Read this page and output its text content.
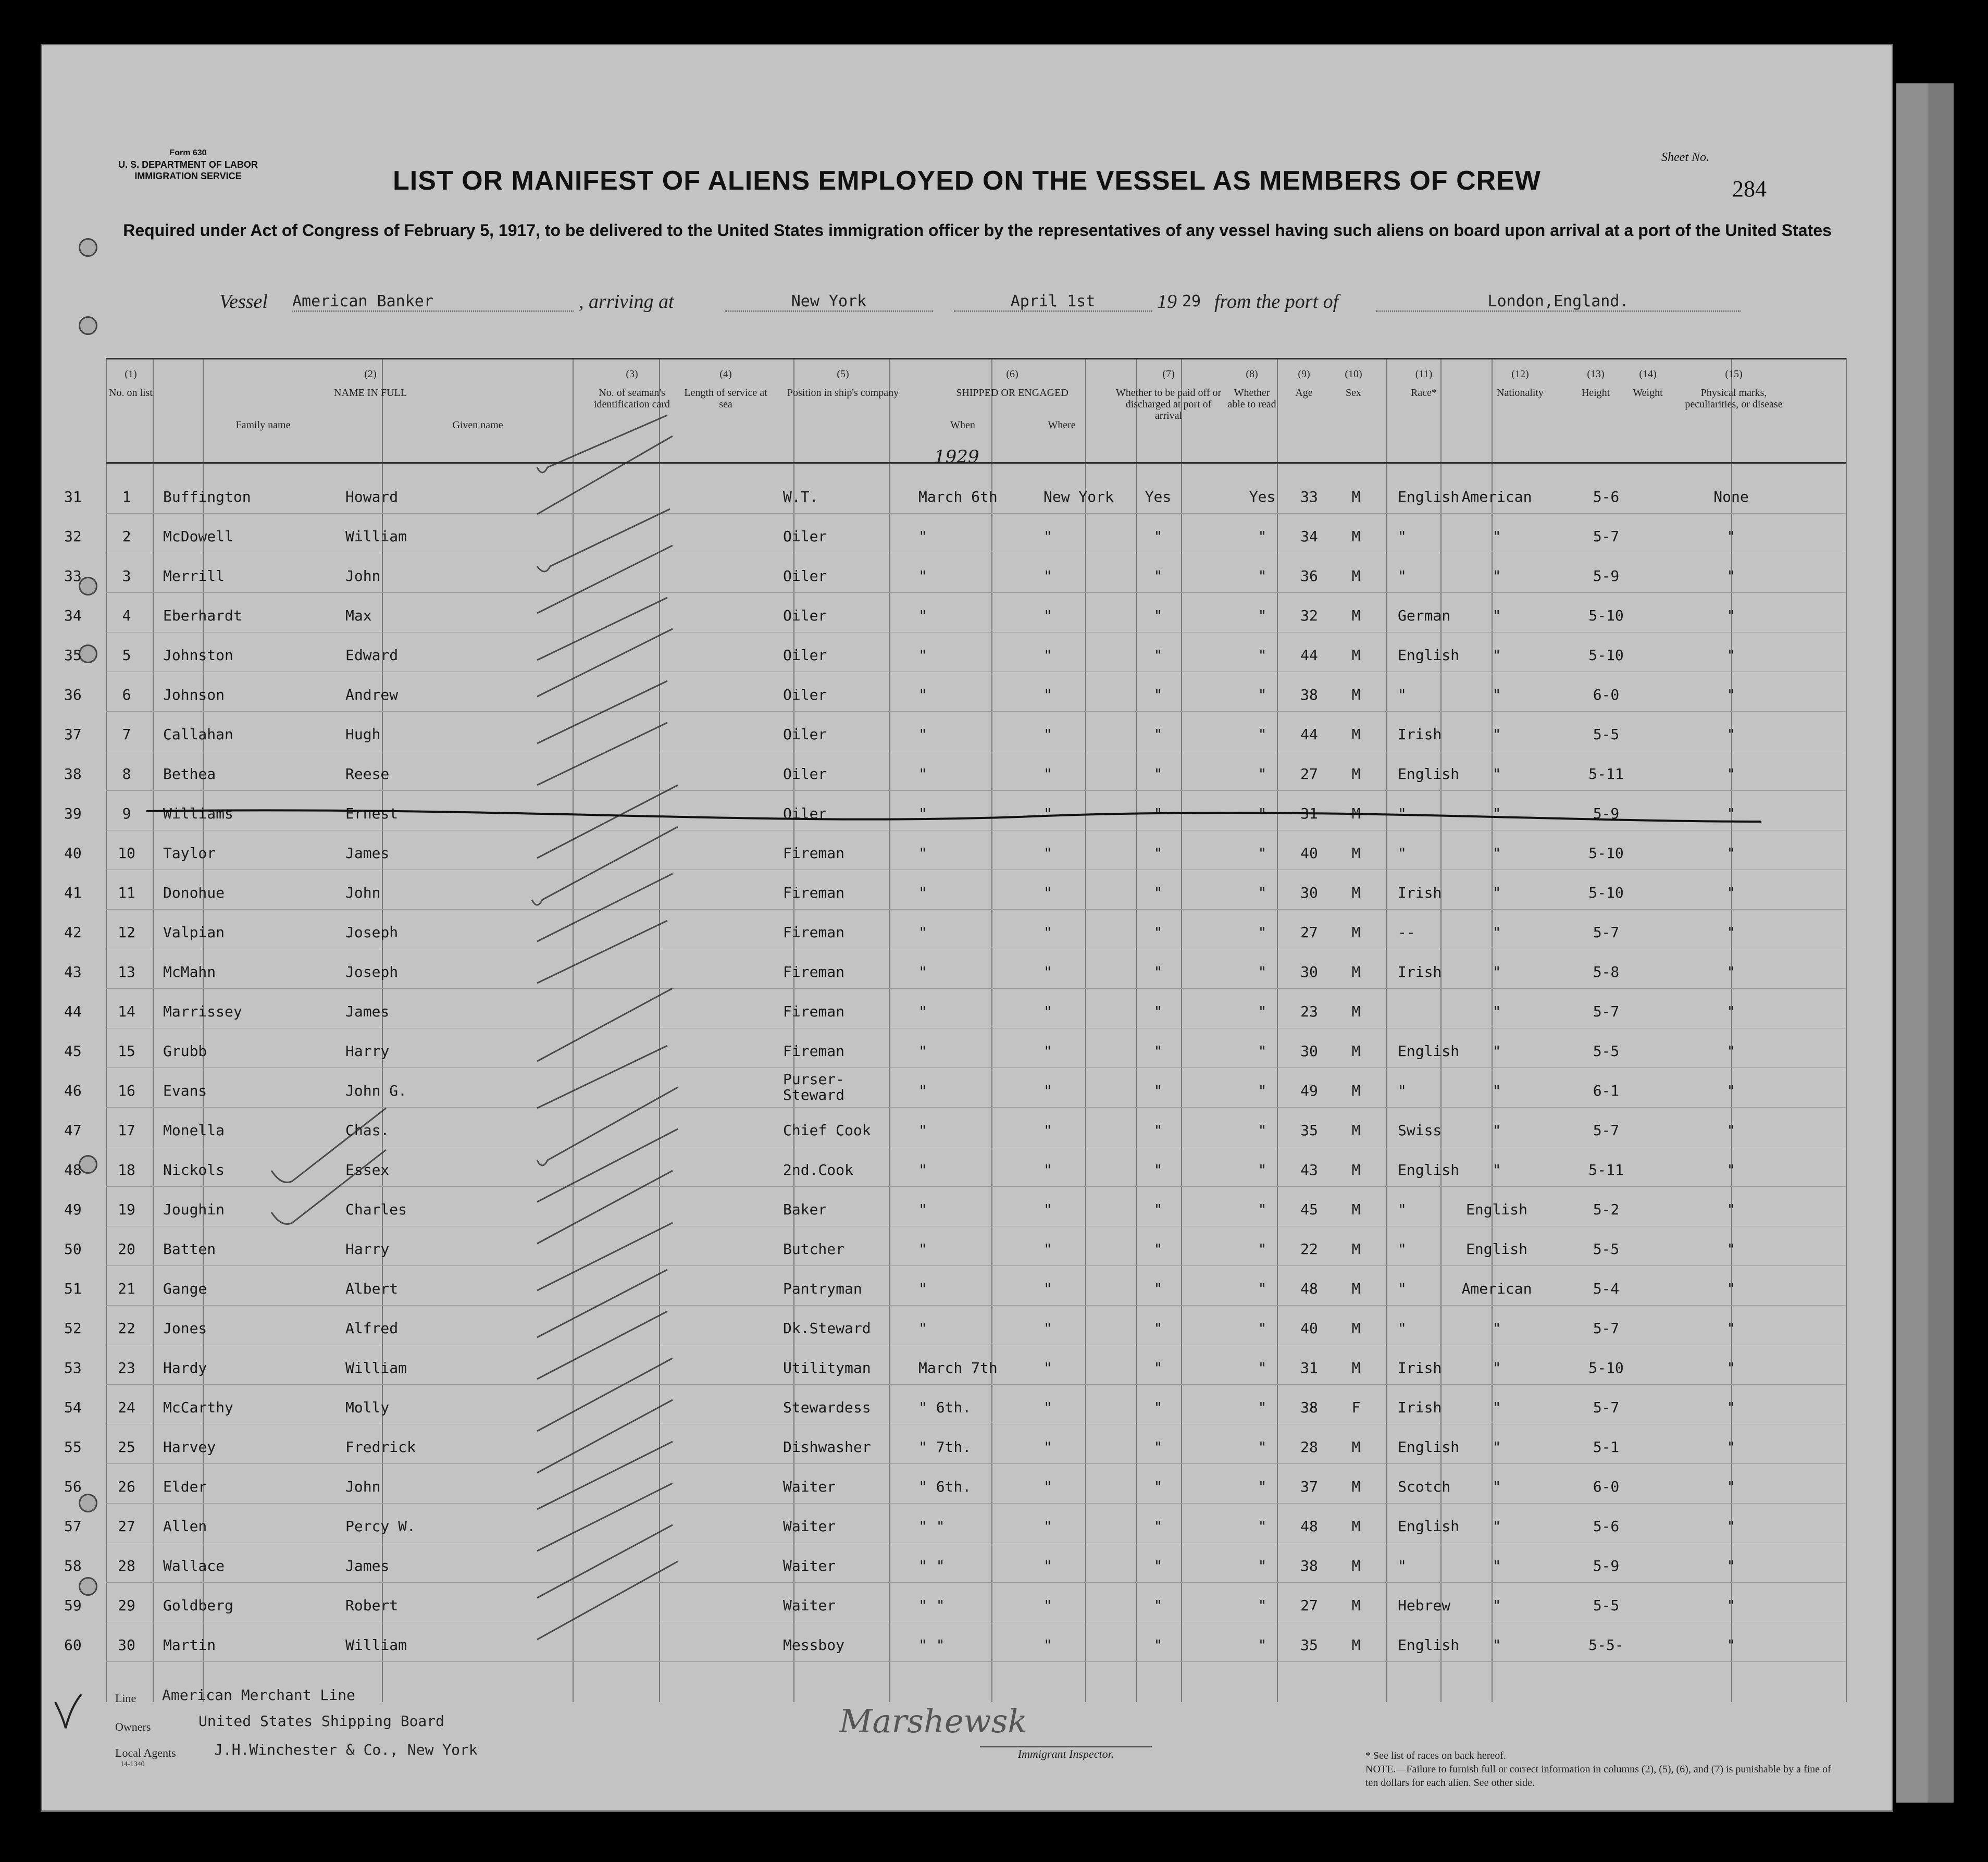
Form 630
U. S. DEPARTMENT OF LABOR
IMMIGRATION SERVICE
Sheet No.
284
LIST OR MANIFEST OF ALIENS EMPLOYED ON THE VESSEL AS MEMBERS OF CREW
Required under Act of Congress of February 5, 1917, to be delivered to the United States immigration officer by the representatives of any vessel having such aliens on board upon arrival at a port of the United States
Vessel American Banker	, arriving at	New York	April 1st	19 29 from the port of	London,England.
(1)
No. on list
(2)
NAME IN FULL
Family name	Given name
(3)
No. of seaman's identification card
(4)
Length of service at sea
(5)
Position in ship's company
(6)
SHIPPED OR ENGAGED
When	Where
(7)
Whether to be paid off or discharged at port of arrival
(8)
Whether able to read
(9)
Age
(10)
Sex
(11)
Race*
(12)
Nationality
(13)
Height
(14)
Weight
(15)
Physical marks, peculiarities, or disease
31	1	Buffington	Howard	W.T.	March 6th	New York	Yes	Yes	33	M	English American	5-6	None
32	2	McDowell	William	Oiler	"	"	"	"	34	M	"	"	5-7	"
33	3	Merrill	John	Oiler	"	"	"	"	36	M	"	"	5-9	"
34	4	Eberhardt	Max	Oiler	"	"	"	"	32	M	German	"	5-10	"
35	5	Johnston	Edward	Oiler	"	"	"	"	44	M	English	"	5-10	"
36	6	Johnson	Andrew	Oiler	"	"	"	"	38	M	"	"	6-0	"
37	7	Callahan	Hugh	Oiler	"	"	"	"	44	M	Irish	"	5-5	"
38	8	Bethea	Reese	Oiler	"	"	"	"	27	M	English	"	5-11	"
39	9	Williams	Ernest	Oiler	"	"	"	"	31	M	"	"	5-9	"
40 10 Taylor	James	Fireman	"	"	"	"	40	M	"	"	5-10	"
41 11 Donohue	John	Fireman	"	"	"	"	30	M	Irish	"	5-10	"
42 12 Valpian	Joseph	Fireman	"	"	"	"	27	M	--	"	5-7	"
43 13 McMahn	Joseph	Fireman	"	"	"	"	30	M	Irish	"	5-8	"
44 14 Marrissey	James	Fireman	"	"	"	"	23	M	"	5-7	"
45 15 Grubb	Harry	Fireman	"	"	"	"	30	M	English	"	5-5	"
46 16 Evans	John G.
Purser-Steward	"	"	"	"	49	M	"	"	6-1	"
47 17 Monella	Chas.	Chief Cook	"	"	"	"	35	M	Swiss	"	5-7	"
48 18 Nickols	Essex	2nd.Cook	"	"	"	"	43	M	English	"	5-11	"
49 19 Joughin	Charles	Baker	"	"	"	"	45	M	"	English	5-2	"
50 20 Batten	Harry	Butcher	"	"	"	"	22	M	"	English	5-5	"
51 21 Gange	Albert	Pantryman	"	"	"	"	48	M	"	American	5-4	"
52 22 Jones	Alfred	Dk.Steward	"	"	"	"	40	M	"	"	5-7	"
53 23 Hardy	William	Utilityman	March 7th	"	"	"	31	M	Irish	"	5-10	"
54 24 McCarthy	Molly	Stewardess	" 6th.	"	"	"	38	F	Irish	"	5-7	"
55 25 Harvey	Fredrick	Dishwasher	" 7th.	"	"	"	28	M	English	"	5-1	"
56 26 Elder	John	Waiter	" 6th.	"	"	"	37	M	Scotch	"	6-0	"
57 27 Allen	Percy W.	Waiter	" "	"	"	"	48	M	English	"	5-6	"
58 28 Wallace	James	Waiter	" "	"	"	"	38	M	"	"	5-9	"
59 29 Goldberg	Robert	Waiter	" "	"	"	"	27	M	Hebrew	"	5-5	"
60 30 Martin	William	Messboy	" "	"	"	"	35	M	English	"	5-5-	"
1929
Line American Merchant Line
Owners	United States Shipping Board
Local Agents	J.H.Winchester & Co., New York
14-1340
Marshewsk
Immigrant Inspector.	* See list of races on back hereof.
NOTE.—Failure to furnish full or correct information in columns (2), (5), (6), and (7) is punishable by a fine of ten dollars for each alien. See other side.
